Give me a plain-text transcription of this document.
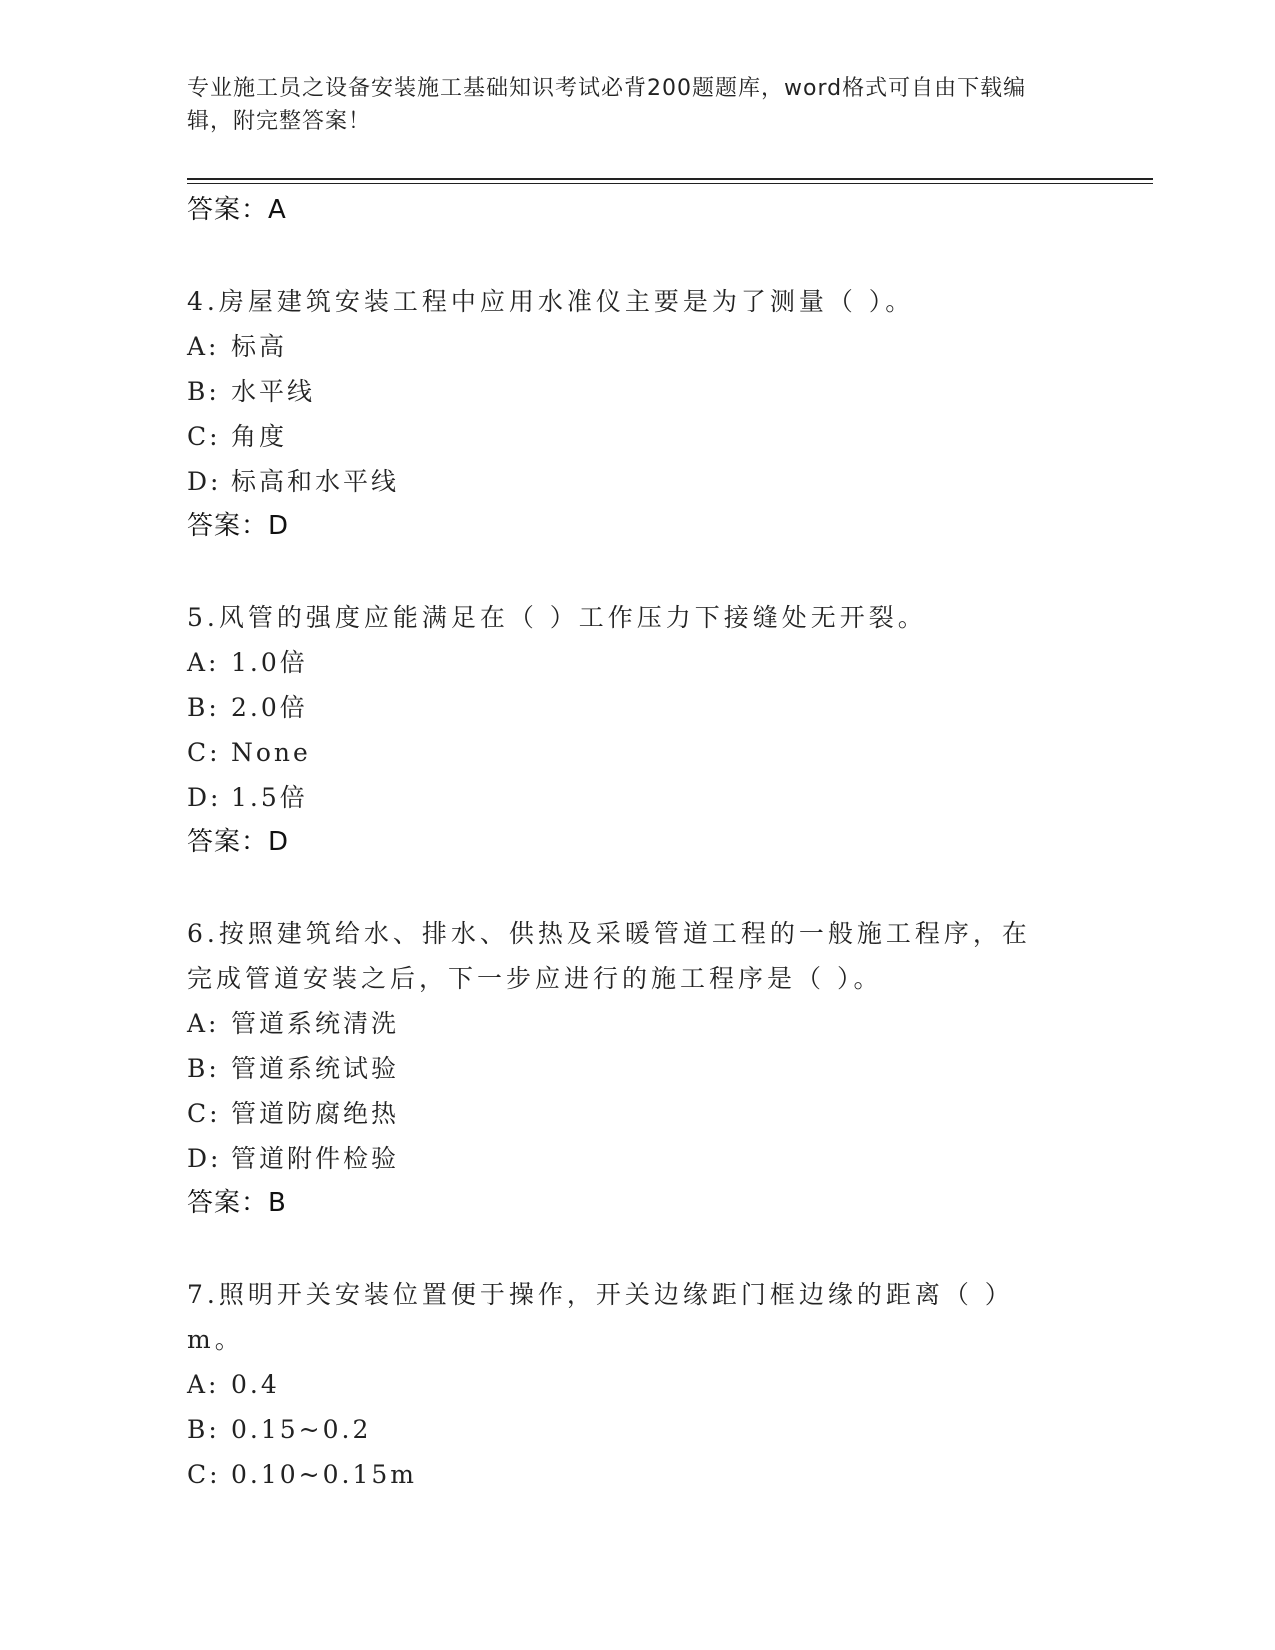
专业施工员之设备安装施工基础知识考试必背200题题库，word格式可自由下载编辑，附完整答案！
答案：A
4.房屋建筑安装工程中应用水准仪主要是为了测量（ ）。
A: 标高
B: 水平线
C: 角度
D: 标高和水平线
答案：D
5.风管的强度应能满足在（ ）工作压力下接缝处无开裂。
A: 1.0倍
B: 2.0倍
C: None
D: 1.5倍
答案：D
6.按照建筑给水、排水、供热及采暖管道工程的一般施工程序，在完成管道安装之后，下一步应进行的施工程序是（ ）。
A: 管道系统清洗
B: 管道系统试验
C: 管道防腐绝热
D: 管道附件检验
答案：B
7.照明开关安装位置便于操作，开关边缘距门框边缘的距离（ ）m。
A: 0.4
B: 0.15~0.2
C: 0.10~0.15m
